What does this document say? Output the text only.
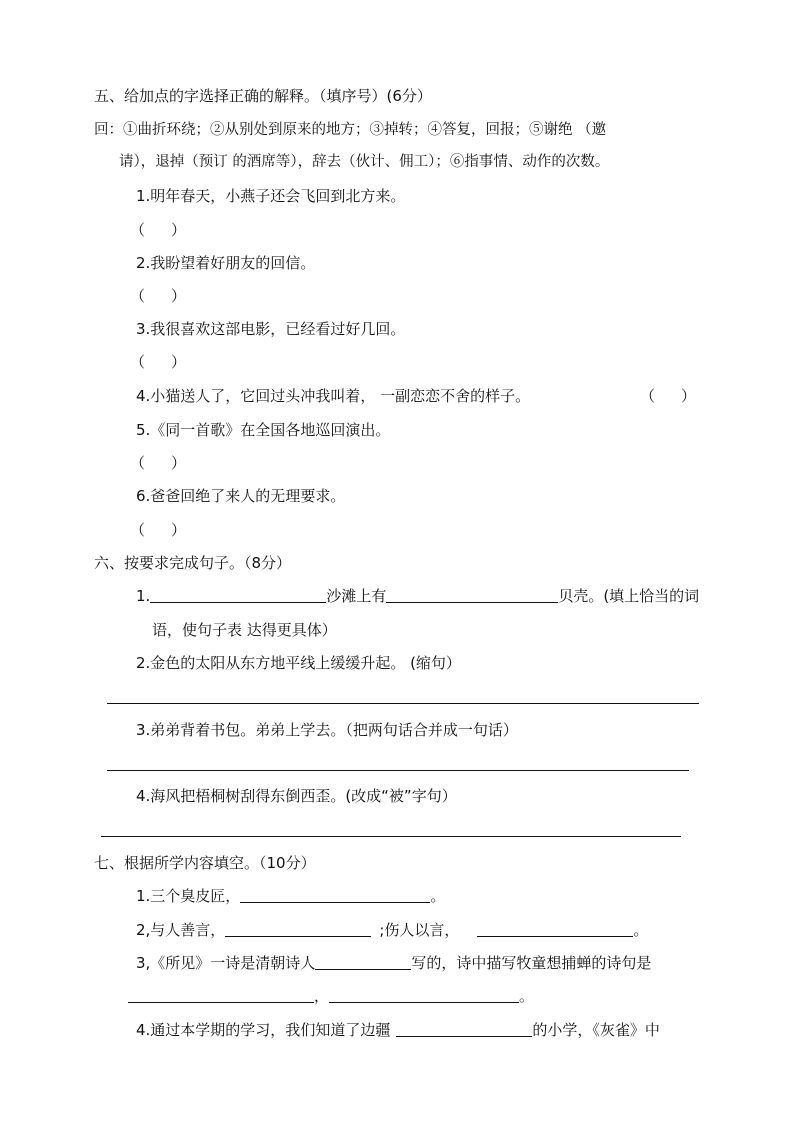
五、给加点的字选择正确的解释。（填序号）(6分）
回：①曲折环绕；②从别处到原来的地方；③掉转；④答复，回报；⑤谢绝 （邀
请），退掉（预订 的酒席等），辞去（伙计、佣工）；⑥指事情、动作的次数。
1.明年春天，小燕子还会飞回到北方来。
（ ）
2.我盼望着好朋友的回信。
（ ）
3.我很喜欢这部电影，已经看过好几回。
（ ）
4.小猫送人了，它回过头冲我叫着， 一副恋恋不舍的样子。	（ ）
5.《同一首歌》在全国各地巡回演出。
（ ）
6.爸爸回绝了来人的无理要求。
（ ）
六、按要求完成句子。（8分）
1.	沙滩上有	贝壳。(填上恰当的词
语，使句子表 达得更具体）
2.金色的太阳从东方地平线上缓缓升起。 (缩句）
3.弟弟背着书包。弟弟上学去。（把两句话合并成一句话）
4.海风把梧桐树刮得东倒西歪。(改成“被”字句）
七、根据所学内容填空。（10分）
1.三个臭皮匠，	。
2,与人善言，	;伤人以言，	。
3,《所见》一诗是清朝诗人	写的，诗中描写牧童想捕蝉的诗句是
，	。
4.通过本学期的学习，我们知道了边疆	的小学，《灰雀》中
